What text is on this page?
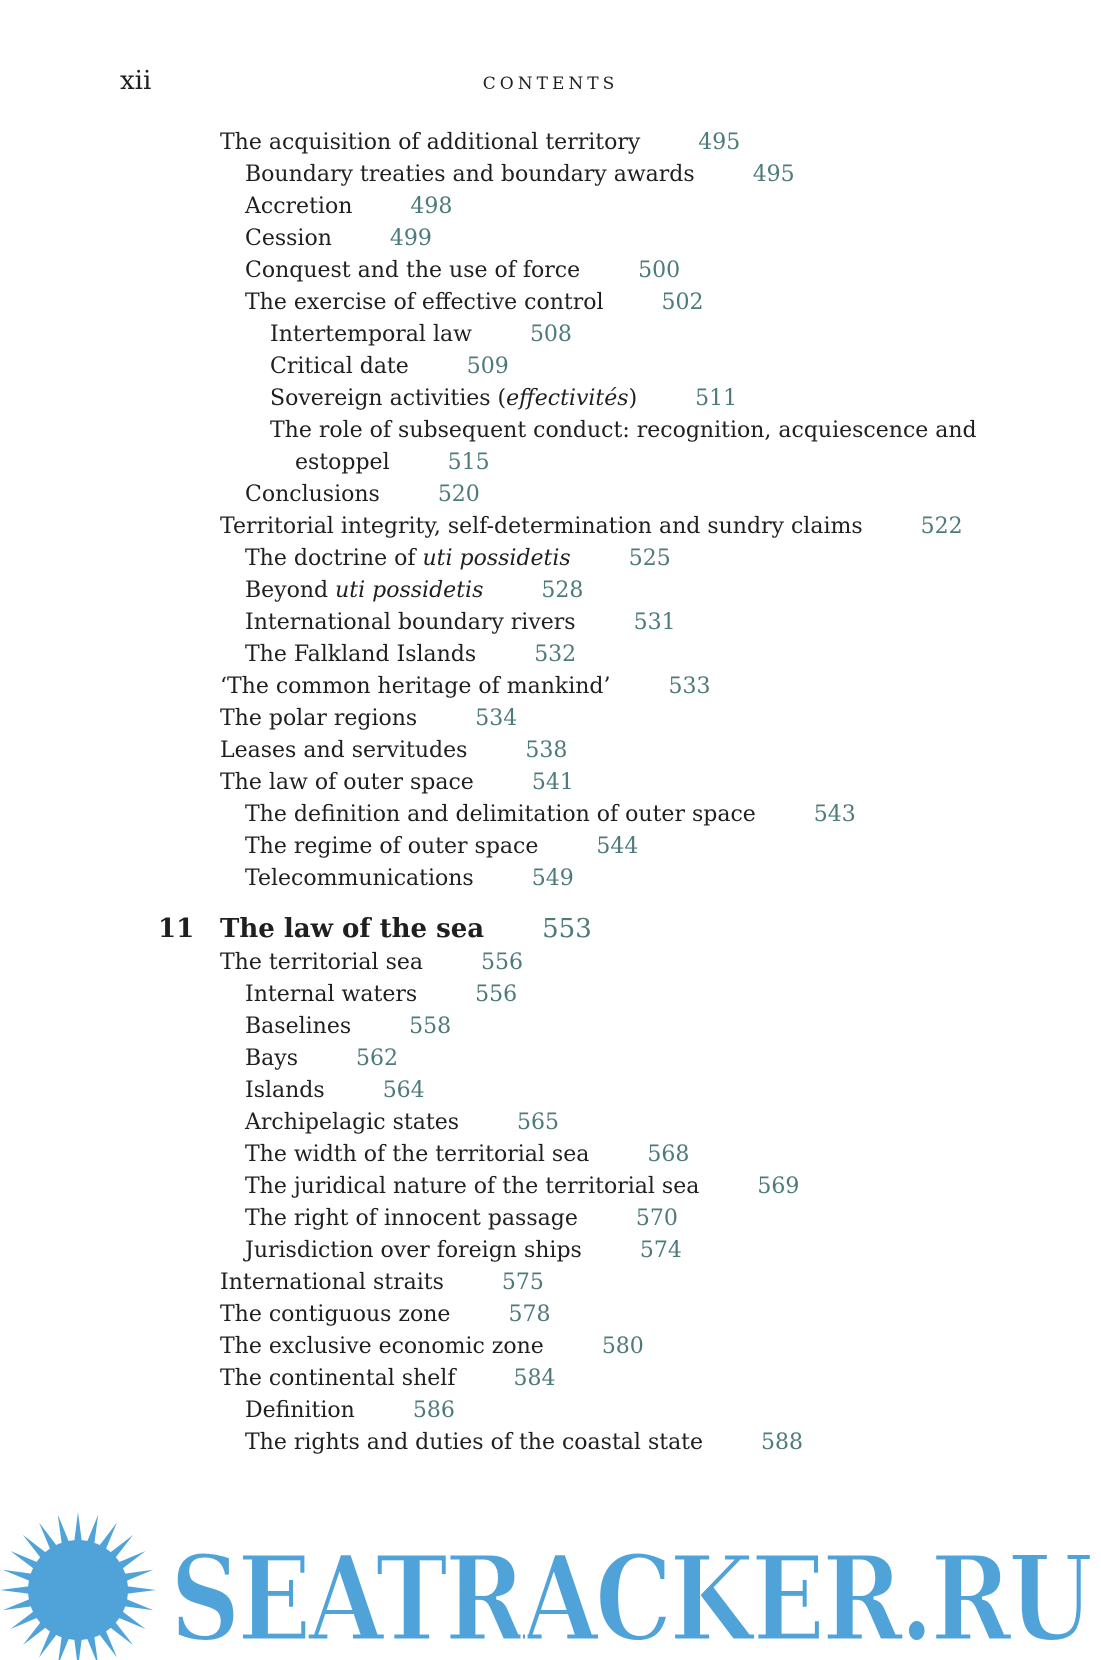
xii	CONTENTS
The acquisition of additional territory	495
Boundary treaties and boundary awards	495
Accretion	498
Cession	499
Conquest and the use of force	500
The exercise of effective control	502
Intertemporal law	508
Critical date	509
Sovereign activities (effectivités)	511
The role of subsequent conduct: recognition, acquiescence and
estoppel	515
Conclusions	520
Territorial integrity, self-determination and sundry claims	522
The doctrine of uti possidetis	525
Beyond uti possidetis	528
International boundary rivers	531
The Falkland Islands	532
‘The common heritage of mankind’	533
The polar regions	534
Leases and servitudes	538
The law of outer space	541
The definition and delimitation of outer space	543
The regime of outer space	544
Telecommunications	549
11 The law of the sea 553
The territorial sea	556
Internal waters	556
Baselines	558
Bays	562
Islands	564
Archipelagic states	565
The width of the territorial sea	568
The juridical nature of the territorial sea	569
The right of innocent passage	570
Jurisdiction over foreign ships	574
International straits	575
The contiguous zone	578
The exclusive economic zone	580
The continental shelf	584
Definition	586
The rights and duties of the coastal state	588
SEATRACKER.RU
